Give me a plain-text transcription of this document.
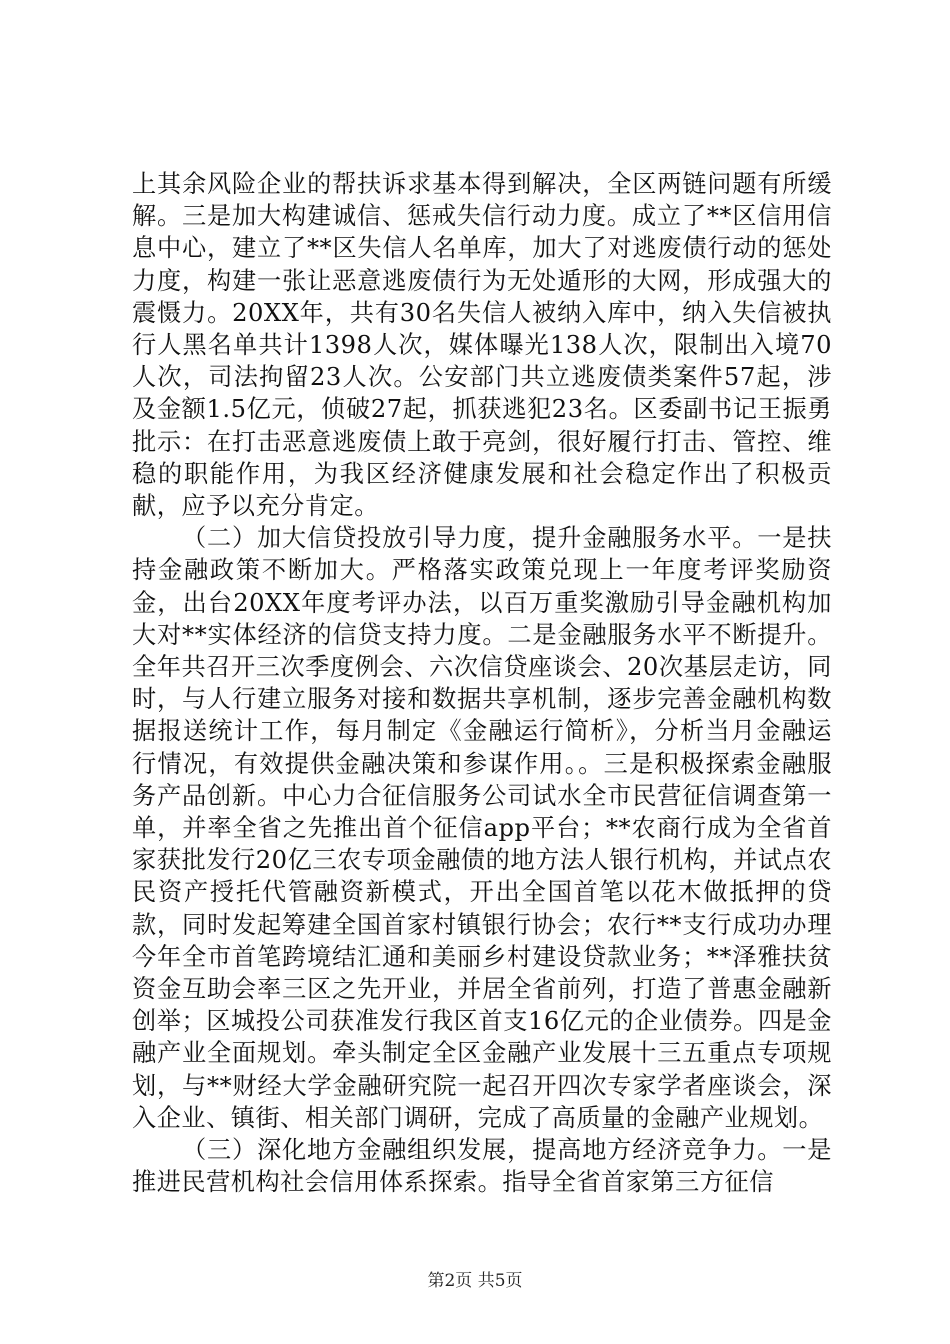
上其余风险企业的帮扶诉求基本得到解决，全区两链问题有所缓解。三是加大构建诚信、惩戒失信行动力度。成立了**区信用信息中心，建立了**区失信人名单库，加大了对逃废债行动的惩处力度，构建一张让恶意逃废债行为无处遁形的大网，形成强大的震慑力。20XX年，共有30名失信人被纳入库中，纳入失信被执行人黑名单共计1398人次，媒体曝光138人次，限制出入境70人次，司法拘留23人次。公安部门共立逃废债类案件57起，涉及金额1.5亿元，侦破27起，抓获逃犯23名。区委副书记王振勇批示：在打击恶意逃废债上敢于亮剑，很好履行打击、管控、维稳的职能作用，为我区经济健康发展和社会稳定作出了积极贡献，应予以充分肯定。

（二）加大信贷投放引导力度，提升金融服务水平。一是扶持金融政策不断加大。严格落实政策兑现上一年度考评奖励资金，出台20XX年度考评办法，以百万重奖激励引导金融机构加大对**实体经济的信贷支持力度。二是金融服务水平不断提升。全年共召开三次季度例会、六次信贷座谈会、20次基层走访，同时，与人行建立服务对接和数据共享机制，逐步完善金融机构数据报送统计工作，每月制定《金融运行简析》，分析当月金融运行情况，有效提供金融决策和参谋作用。。三是积极探索金融服务产品创新。中心力合征信服务公司试水全市民营征信调查第一单，并率全省之先推出首个征信app平台；**农商行成为全省首家获批发行20亿三农专项金融债的地方法人银行机构，并试点农民资产授托代管融资新模式，开出全国首笔以花木做抵押的贷款，同时发起筹建全国首家村镇银行协会；农行**支行成功办理今年全市首笔跨境结汇通和美丽乡村建设贷款业务；**泽雅扶贫资金互助会率三区之先开业，并居全省前列，打造了普惠金融新创举；区城投公司获准发行我区首支16亿元的企业债券。四是金融产业全面规划。牵头制定全区金融产业发展十三五重点专项规划，与**财经大学金融研究院一起召开四次专家学者座谈会，深入企业、镇街、相关部门调研，完成了高质量的金融产业规划。

（三）深化地方金融组织发展，提高地方经济竞争力。一是推进民营机构社会信用体系探索。指导全省首家第三方征信

第2页 共5页
